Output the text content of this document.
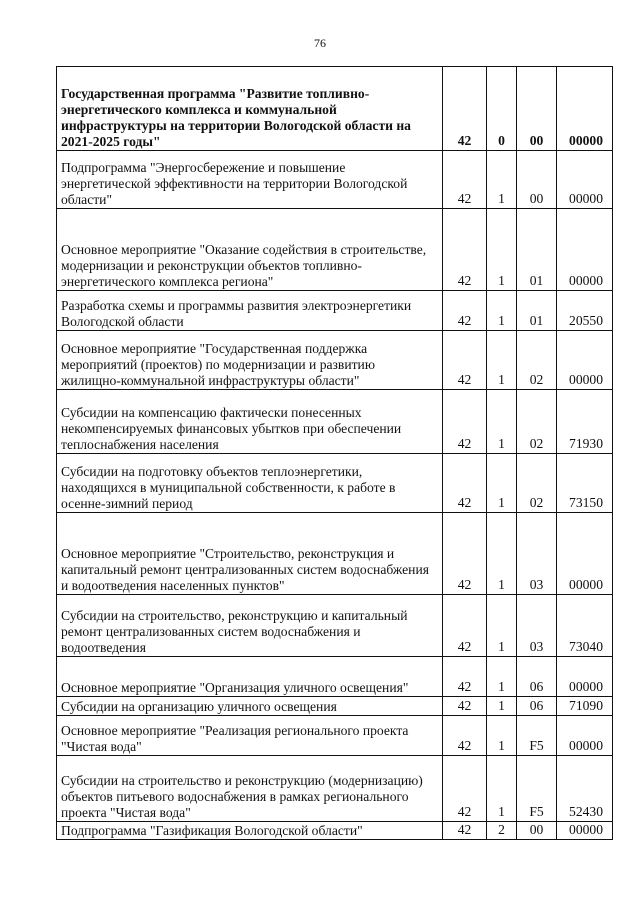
76
Государственная программа "Развитие топливно-энергетического комплекса и коммунальной инфраструктуры на территории Вологодской области на 2021-2025 годы"	42	0	00	00000
Подпрограмма "Энергосбережение и повышение энергетической эффективности на территории Вологодской области"	42	1	00	00000
Основное мероприятие "Оказание содействия в строительстве, модернизации и реконструкции объектов топливно-энергетического комплекса региона"	42	1	01	00000
Разработка схемы и программы развития электроэнергетики Вологодской области	42	1	01	20550
Основное мероприятие "Государственная поддержка мероприятий (проектов) по модернизации и развитию жилищно-коммунальной инфраструктуры области"	42	1	02	00000
Субсидии на компенсацию фактически понесенных некомпенсируемых финансовых убытков при обеспечении теплоснабжения населения	42	1	02	71930
Субсидии на подготовку объектов теплоэнергетики, находящихся в муниципальной собственности, к работе в осенне-зимний период	42	1	02	73150
Основное мероприятие "Строительство, реконструкция и капитальный ремонт централизованных систем водоснабжения и водоотведения населенных пунктов"	42	1	03	00000
Субсидии на строительство, реконструкцию и капитальный ремонт централизованных систем водоснабжения и водоотведения	42	1	03	73040
Основное мероприятие "Организация уличного освещения"	42	1	06	00000
Субсидии на организацию уличного освещения	42	1	06	71090
Основное мероприятие "Реализация регионального проекта "Чистая вода"	42	1	F5	00000
Субсидии на строительство и реконструкцию (модернизацию) объектов питьевого водоснабжения в рамках регионального проекта "Чистая вода"	42	1	F5	52430
Подпрограмма "Газификация Вологодской области"	42	2	00	00000
